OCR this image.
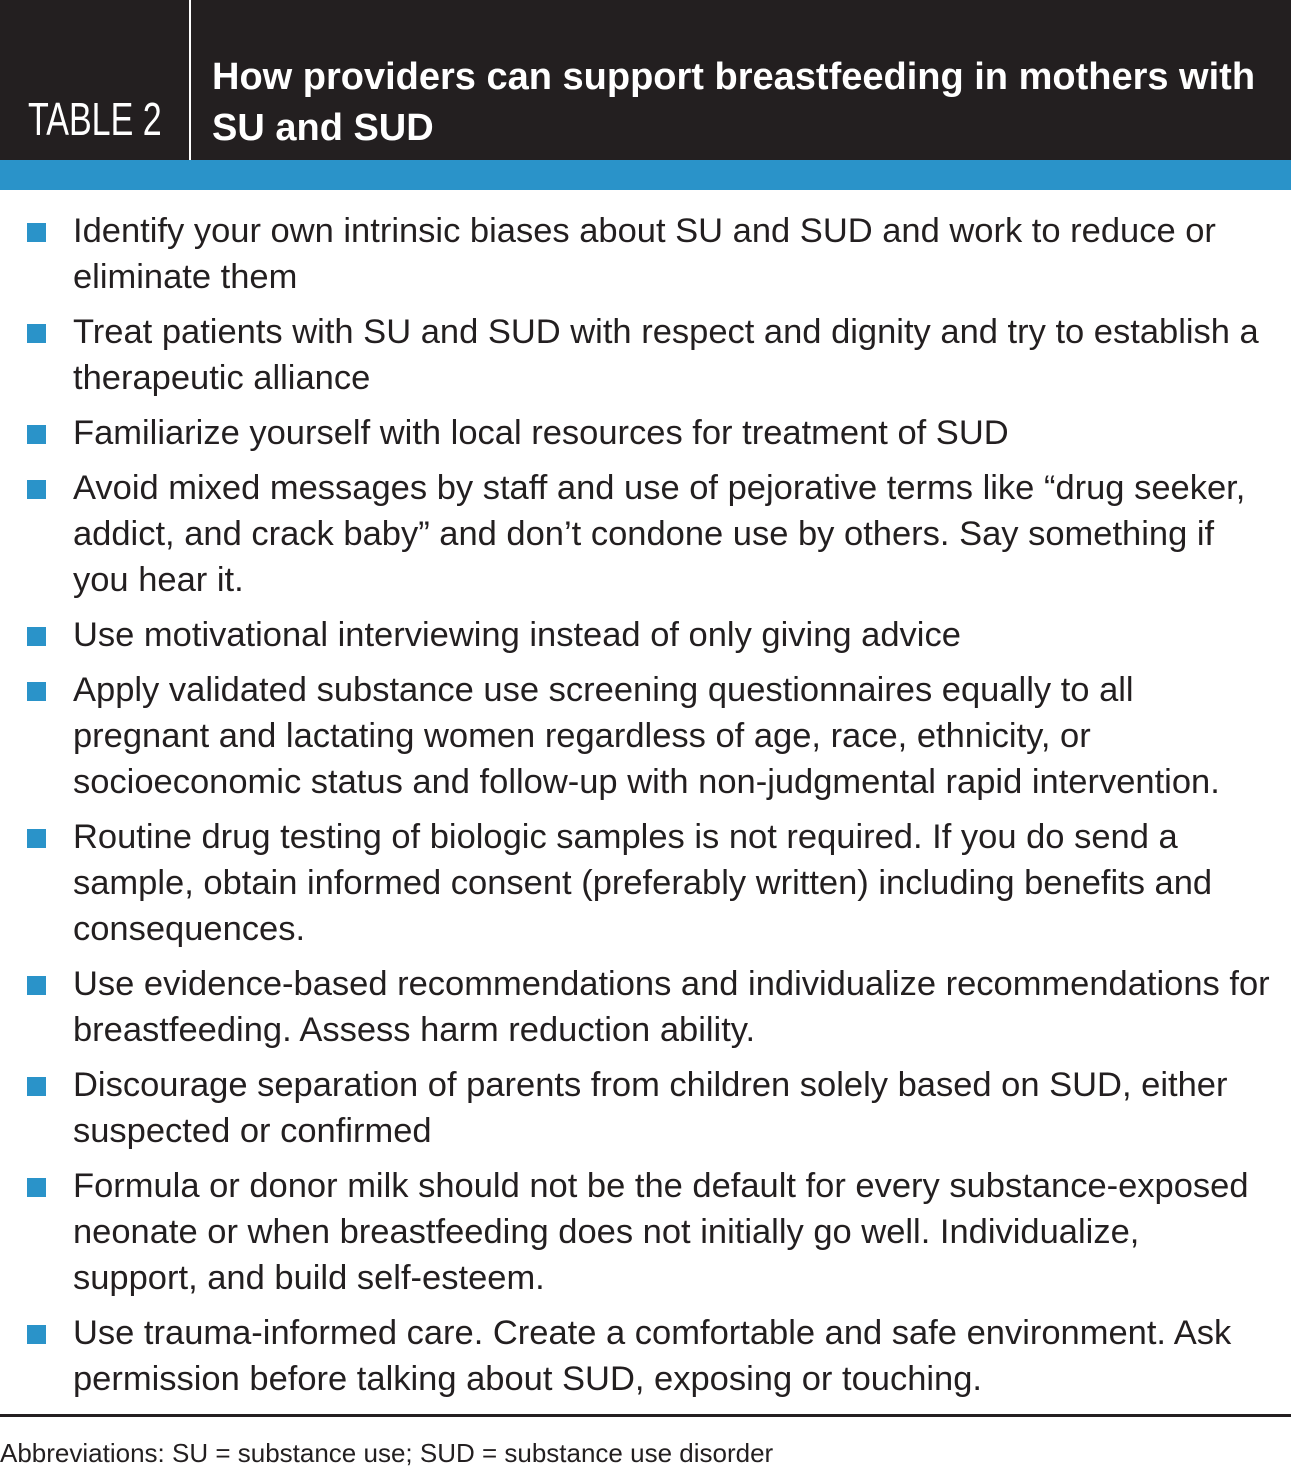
TABLE 2
How providers can support breastfeeding in mothers with SU and SUD
Identify your own intrinsic biases about SU and SUD and work to reduce or eliminate them
Treat patients with SU and SUD with respect and dignity and try to establish a therapeutic alliance
Familiarize yourself with local resources for treatment of SUD
Avoid mixed messages by staff and use of pejorative terms like “drug seeker, addict, and crack baby” and don’t condone use by others. Say something if you hear it.
Use motivational interviewing instead of only giving advice
Apply validated substance use screening questionnaires equally to all pregnant and lactating women regardless of age, race, ethnicity, or socioeconomic status and follow-up with non-judgmental rapid intervention.
Routine drug testing of biologic samples is not required. If you do send a sample, obtain informed consent (preferably written) including benefits and consequences.
Use evidence-based recommendations and individualize recommendations for breastfeeding. Assess harm reduction ability.
Discourage separation of parents from children solely based on SUD, either suspected or confirmed
Formula or donor milk should not be the default for every substance-exposed neonate or when breastfeeding does not initially go well. Individualize, support, and build self-esteem.
Use trauma-informed care. Create a comfortable and safe environment. Ask permission before talking about SUD, exposing or touching.
Abbreviations: SU = substance use; SUD = substance use disorder
